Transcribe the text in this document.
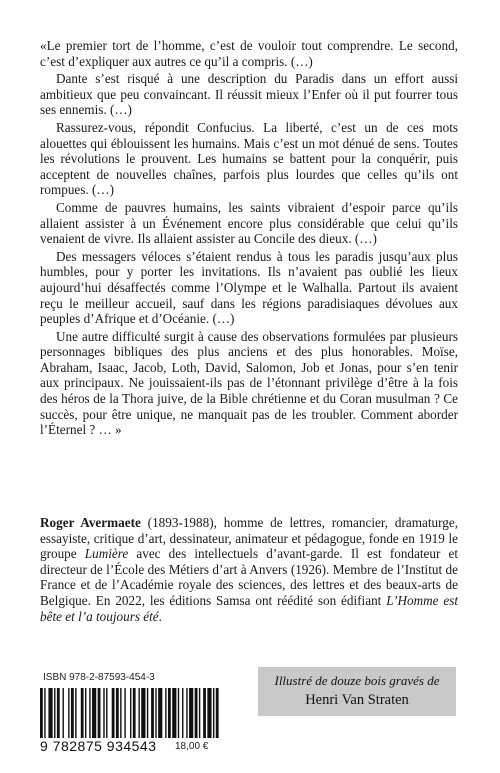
«Le premier tort de l’homme, c’est de vouloir tout comprendre. Le second, c’est d’expliquer aux autres ce qu’il a compris. (…)

Dante s’est risqué à une description du Paradis dans un effort aussi ambitieux que peu convaincant. Il réussit mieux l’Enfer où il put fourrer tous ses ennemis. (…)

Rassurez-vous, répondit Confucius. La liberté, c’est un de ces mots alouettes qui éblouissent les humains. Mais c’est un mot dénué de sens. Toutes les révolutions le prouvent. Les humains se battent pour la conquérir, puis acceptent de nouvelles chaînes, parfois plus lourdes que celles qu’ils ont rompues. (…)

Comme de pauvres humains, les saints vibraient d’espoir parce qu’ils allaient assister à un Événement encore plus considérable que celui qu’ils venaient de vivre. Ils allaient assister au Concile des dieux. (…)

Des messagers véloces s’étaient rendus à tous les paradis jusqu’aux plus humbles, pour y porter les invitations. Ils n’avaient pas oublié les lieux aujourd’hui désaffectés comme l’Olympe et le Walhalla. Partout ils avaient reçu le meilleur accueil, sauf dans les régions paradisiaques dévolues aux peuples d’Afrique et d’Océanie. (…)

Une autre difficulté surgit à cause des observations formulées par plusieurs personnages bibliques des plus anciens et des plus honorables. Moïse, Abraham, Isaac, Jacob, Loth, David, Salomon, Job et Jonas, pour s’en tenir aux principaux. Ne jouissaient-ils pas de l’étonnant privilège d’être à la fois des héros de la Thora juive, de la Bible chrétienne et du Coran musulman ? Ce succès, pour être unique, ne manquait pas de les troubler. Comment aborder l’Éternel ? … »

Roger Avermaete (1893-1988), homme de lettres, romancier, dramaturge, essayiste, critique d’art, dessinateur, animateur et pédagogue, fonde en 1919 le groupe Lumière avec des intellectuels d’avant-garde. Il est fondateur et directeur de l’École des Métiers d’art à Anvers (1926). Membre de l’Institut de France et de l’Académie royale des sciences, des lettres et des beaux-arts de Belgique. En 2022, les éditions Samsa ont réédité son édifiant L’Homme est bête et l’a toujours été.

ISBN 978-2-87593-454-3
9 782875 934543 18,00 €
Illustré de douze bois gravés de
Henri Van Straten
